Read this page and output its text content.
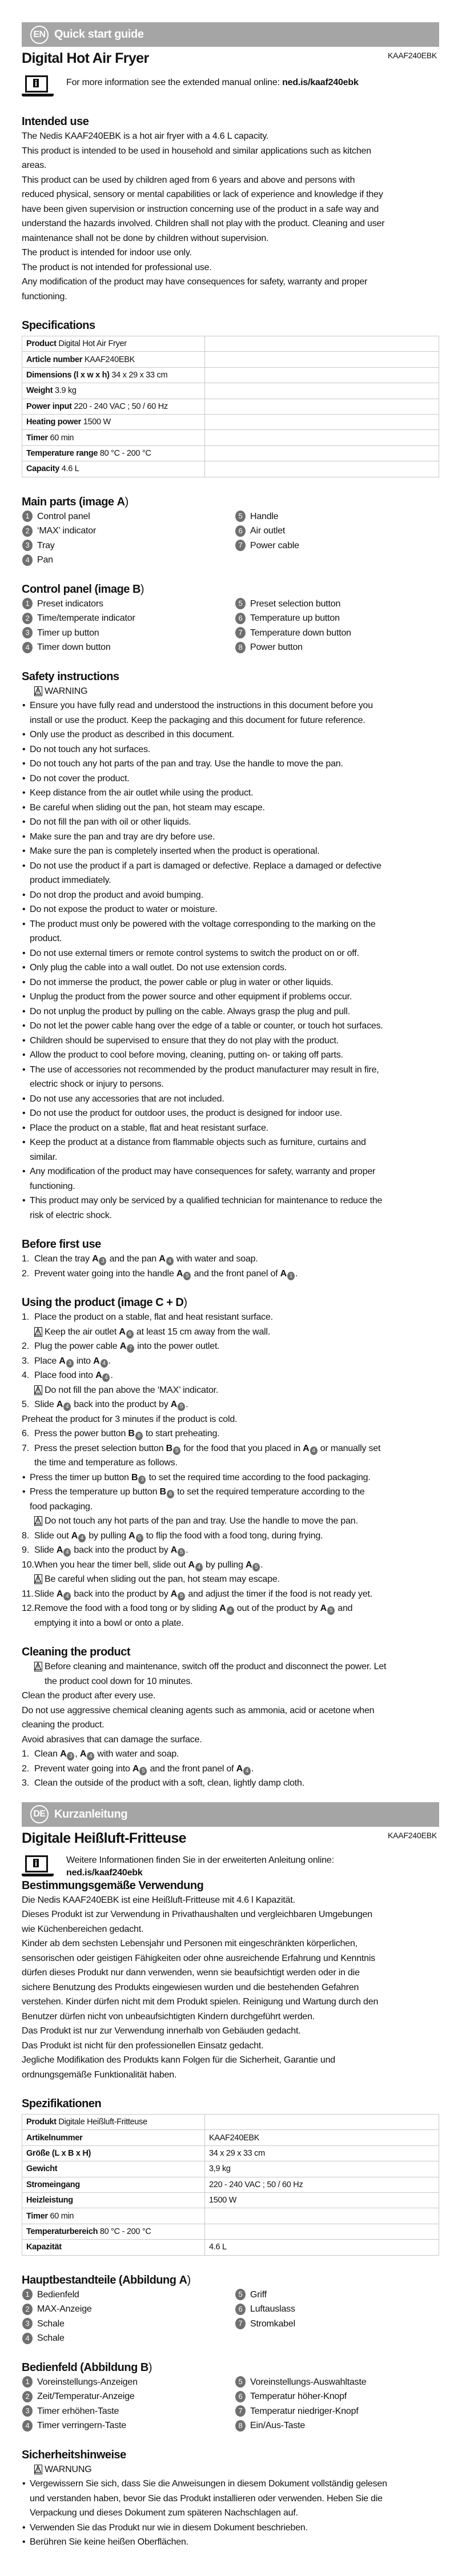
EN Quick start guide
Digital Hot Air Fryer	KAAF240EBK
For more information see the extended manual online: ned.is/kaaf240ebk
Intended use
The Nedis KAAF240EBK is a hot air fryer with a 4.6 L capacity.
This product is intended to be used in household and similar applications such as kitchen
areas.
This product can be used by children aged from 6 years and above and persons with
reduced physical, sensory or mental capabilities or lack of experience and knowledge if they
have been given supervision or instruction concerning use of the product in a safe way and
understand the hazards involved. Children shall not play with the product. Cleaning and user
maintenance shall not be done by children without supervision.
The product is intended for indoor use only.
The product is not intended for professional use.
Any modification of the product may have consequences for safety, warranty and proper
functioning.
Specifications
Product Digital Hot Air Fryer	
Article number KAAF240EBK	
Dimensions (l x w x h) 34 x 29 x 33 cm	
Weight 3.9 kg	
Power input 220 - 240 VAC ; 50 / 60 Hz	
Heating power 1500 W	
Timer 60 min	
Temperature range 80 °C - 200 °C	
Capacity 4.6 L	
Main parts (image A)
1 Control panel
2 ‘MAX’ indicator
3 Tray
4 Pan
5 Handle
6 Air outlet
7 Power cable
Control panel (image B)
1 Preset indicators
2 Time/temperate indicator
3 Timer up button
4 Timer down button
5 Preset selection button
6 Temperature up button
7 Temperature down button
8 Power button
Safety instructions
WARNING
• Ensure you have fully read and understood the instructions in this document before you
install or use the product. Keep the packaging and this document for future reference.
• Only use the product as described in this document.
• Do not touch any hot surfaces.
• Do not touch any hot parts of the pan and tray. Use the handle to move the pan.
• Do not cover the product.
• Keep distance from the air outlet while using the product.
• Be careful when sliding out the pan, hot steam may escape.
• Do not fill the pan with oil or other liquids.
• Make sure the pan and tray are dry before use.
• Make sure the pan is completely inserted when the product is operational.
• Do not use the product if a part is damaged or defective. Replace a damaged or defective
product immediately.
• Do not drop the product and avoid bumping.
• Do not expose the product to water or moisture.
• The product must only be powered with the voltage corresponding to the marking on the
product.
• Do not use external timers or remote control systems to switch the product on or off.
• Only plug the cable into a wall outlet. Do not use extension cords.
• Do not immerse the product, the power cable or plug in water or other liquids.
• Unplug the product from the power source and other equipment if problems occur.
• Do not unplug the product by pulling on the cable. Always grasp the plug and pull.
• Do not let the power cable hang over the edge of a table or counter, or touch hot surfaces.
• Children should be supervised to ensure that they do not play with the product.
• Allow the product to cool before moving, cleaning, putting on- or taking off parts.
• The use of accessories not recommended by the product manufacturer may result in fire,
electric shock or injury to persons.
• Do not use any accessories that are not included.
• Do not use the product for outdoor uses, the product is designed for indoor use.
• Place the product on a stable, flat and heat resistant surface.
• Keep the product at a distance from flammable objects such as furniture, curtains and
similar.
• Any modification of the product may have consequences for safety, warranty and proper
functioning.
• This product may only be serviced by a qualified technician for maintenance to reduce the
risk of electric shock.
Before first use
1. Clean the tray A 3 and the pan A 4 with water and soap.
2. Prevent water going into the handle A 5 and the front panel of A 1 .
Using the product (image C + D)
1. Place the product on a stable, flat and heat resistant surface.
Keep the air outlet A 6 at least 15 cm away from the wall.
2. Plug the power cable A 7 into the power outlet.
3. Place A 3 into A 4 .
4. Place food into A 4 .
Do not fill the pan above the ‘MAX’ indicator.
5. Slide A 4 back into the product by A 5 .
Preheat the product for 3 minutes if the product is cold.
6. Press the power button B 8 to start preheating.
7. Press the preset selection button B 5 for the food that you placed in A 4 or manually set
the time and temperature as follows.
• Press the timer up button B 3 to set the required time according to the food packaging.
• Press the temperature up button B 6 to set the required temperature according to the
food packaging.
Do not touch any hot parts of the pan and tray. Use the handle to move the pan.
8. Slide out A 4 by pulling A 5 to flip the food with a food tong, during frying.
9. Slide A 4 back into the product by A 5 .
10. When you hear the timer bell, slide out A 4 by pulling A 5 .
Be careful when sliding out the pan, hot steam may escape.
11. Slide A 4 back into the product by A 5 and adjust the timer if the food is not ready yet.
12. Remove the food with a food tong or by sliding A 4 out of the product by A 5 and
emptying it into a bowl or onto a plate.
Cleaning the product
Before cleaning and maintenance, switch off the product and disconnect the power. Let
the product cool down for 10 minutes.
Clean the product after every use.
Do not use aggressive chemical cleaning agents such as ammonia, acid or acetone when
cleaning the product.
Avoid abrasives that can damage the surface.
1. Clean A 3 , A 4 with water and soap.
2. Prevent water going into A 5 and the front panel of A 4 .
3. Clean the outside of the product with a soft, clean, lightly damp cloth.
DE Kurzanleitung
Digitale Heißluft-Fritteuse	KAAF240EBK
Weitere Informationen finden Sie in der erweiterten Anleitung online:
ned.is/kaaf240ebk
Bestimmungsgemäße Verwendung
Die Nedis KAAF240EBK ist eine Heißluft-Fritteuse mit 4.6 l Kapazität.
Dieses Produkt ist zur Verwendung in Privathaushalten und vergleichbaren Umgebungen
wie Küchenbereichen gedacht.
Kinder ab dem sechsten Lebensjahr und Personen mit eingeschränkten körperlichen,
sensorischen oder geistigen Fähigkeiten oder ohne ausreichende Erfahrung und Kenntnis
dürfen dieses Produkt nur dann verwenden, wenn sie beaufsichtigt werden oder in die
sichere Benutzung des Produkts eingewiesen wurden und die bestehenden Gefahren
verstehen. Kinder dürfen nicht mit dem Produkt spielen. Reinigung und Wartung durch den
Benutzer dürfen nicht von unbeaufsichtigten Kindern durchgeführt werden.
Das Produkt ist nur zur Verwendung innerhalb von Gebäuden gedacht.
Das Produkt ist nicht für den professionellen Einsatz gedacht.
Jegliche Modifikation des Produkts kann Folgen für die Sicherheit, Garantie und
ordnungsgemäße Funktionalität haben.
Spezifikationen
Produkt Digitale Heißluft-Fritteuse	
Artikelnummer	KAAF240EBK
Größe (L x B x H)	34 x 29 x 33 cm
Gewicht	3,9 kg
Stromeingang	220 - 240 VAC ; 50 / 60 Hz
Heizleistung	1500 W
Timer 60 min	
Temperaturbereich 80 °C - 200 °C	
Kapazität	4.6 L
Hauptbestandteile (Abbildung A)
1 Bedienfeld
2 MAX-Anzeige
3 Schale
4 Schale
5 Griff
6 Luftauslass
7 Stromkabel
Bedienfeld (Abbildung B)
1 Voreinstellungs-Anzeigen
2 Zeit/Temperatur-Anzeige
3 Timer erhöhen-Taste
4 Timer verringern-Taste
5 Voreinstellungs-Auswahltaste
6 Temperatur höher-Knopf
7 Temperatur niedriger-Knopf
8 Ein/Aus-Taste
Sicherheitshinweise
WARNUNG
• Vergewissern Sie sich, dass Sie die Anweisungen in diesem Dokument vollständig gelesen
und verstanden haben, bevor Sie das Produkt installieren oder verwenden. Heben Sie die
Verpackung und dieses Dokument zum späteren Nachschlagen auf.
• Verwenden Sie das Produkt nur wie in diesem Dokument beschrieben.
• Berühren Sie keine heißen Oberflächen.
